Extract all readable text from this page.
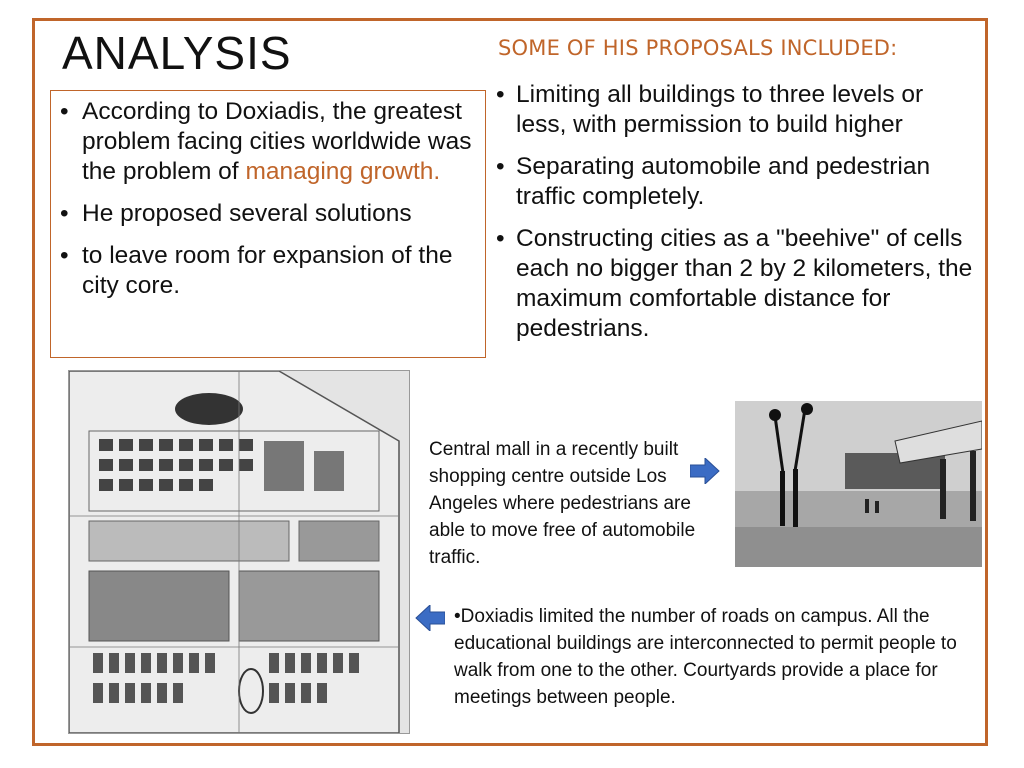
ANALYSIS
• According to Doxiadis, the greatest problem facing cities worldwide was the problem of managing growth.
• He proposed several solutions
• to leave room for expansion of the city core.
SOME OF HIS PROPOSALS INCLUDED:
• Limiting all buildings to three levels or less, with permission to build higher
• Separating automobile and pedestrian traffic completely.
• Constructing cities as a "beehive" of cells each no bigger than 2 by 2 kilometers, the maximum comfortable distance for pedestrians.
Central mall in a recently built shopping centre outside Los Angeles where pedestrians are able to move free of automobile traffic.
•Doxiadis limited the number of roads on campus. All the educational buildings are interconnected to permit people to walk from one to the other. Courtyards provide a place for meetings between people.
